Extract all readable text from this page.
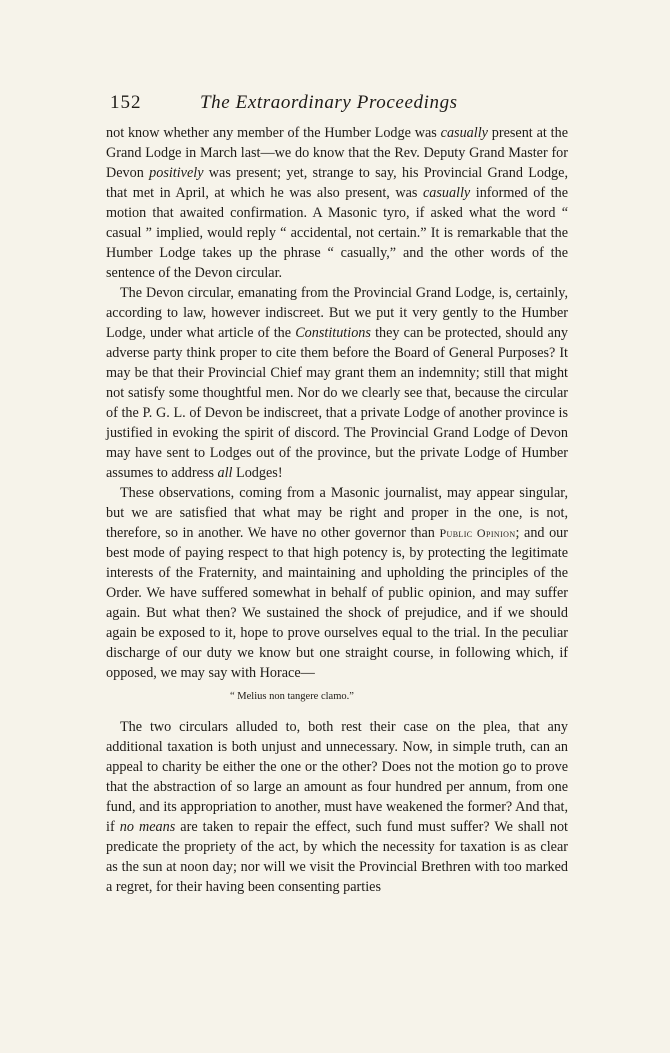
152	The Extraordinary Proceedings

not know whether any member of the Humber Lodge was casually present at the Grand Lodge in March last—we do know that the Rev. Deputy Grand Master for Devon positively was present; yet, strange to say, his Provincial Grand Lodge, that met in April, at which he was also present, was casually informed of the motion that awaited confirmation. A Masonic tyro, if asked what the word “ casual ” implied, would reply “ accidental, not certain.” It is remarkable that the Humber Lodge takes up the phrase “ casually,” and the other words of the sentence of the Devon circular.

The Devon circular, emanating from the Provincial Grand Lodge, is, certainly, according to law, however indiscreet. But we put it very gently to the Humber Lodge, under what article of the Constitutions they can be protected, should any adverse party think proper to cite them before the Board of General Purposes? It may be that their Provincial Chief may grant them an indemnity; still that might not satisfy some thoughtful men. Nor do we clearly see that, because the circular of the P. G. L. of Devon be indiscreet, that a private Lodge of another province is justified in evoking the spirit of discord. The Provincial Grand Lodge of Devon may have sent to Lodges out of the province, but the private Lodge of Humber assumes to address all Lodges!

These observations, coming from a Masonic journalist, may appear singular, but we are satisfied that what may be right and proper in the one, is not, therefore, so in another. We have no other governor than Public Opinion; and our best mode of paying respect to that high potency is, by protecting the legitimate interests of the Fraternity, and maintaining and upholding the principles of the Order. We have suffered somewhat in behalf of public opinion, and may suffer again. But what then? We sustained the shock of prejudice, and if we should again be exposed to it, hope to prove ourselves equal to the trial. In the peculiar discharge of our duty we know but one straight course, in following which, if opposed, we may say with Horace—

“ Melius non tangere clamo.”

The two circulars alluded to, both rest their case on the plea, that any additional taxation is both unjust and unnecessary. Now, in simple truth, can an appeal to charity be either the one or the other? Does not the motion go to prove that the abstraction of so large an amount as four hundred per annum, from one fund, and its appropriation to another, must have weakened the former? And that, if no means are taken to repair the effect, such fund must suffer? We shall not predicate the propriety of the act, by which the necessity for taxation is as clear as the sun at noon day; nor will we visit the Provincial Brethren with too marked a regret, for their having been consenting parties
